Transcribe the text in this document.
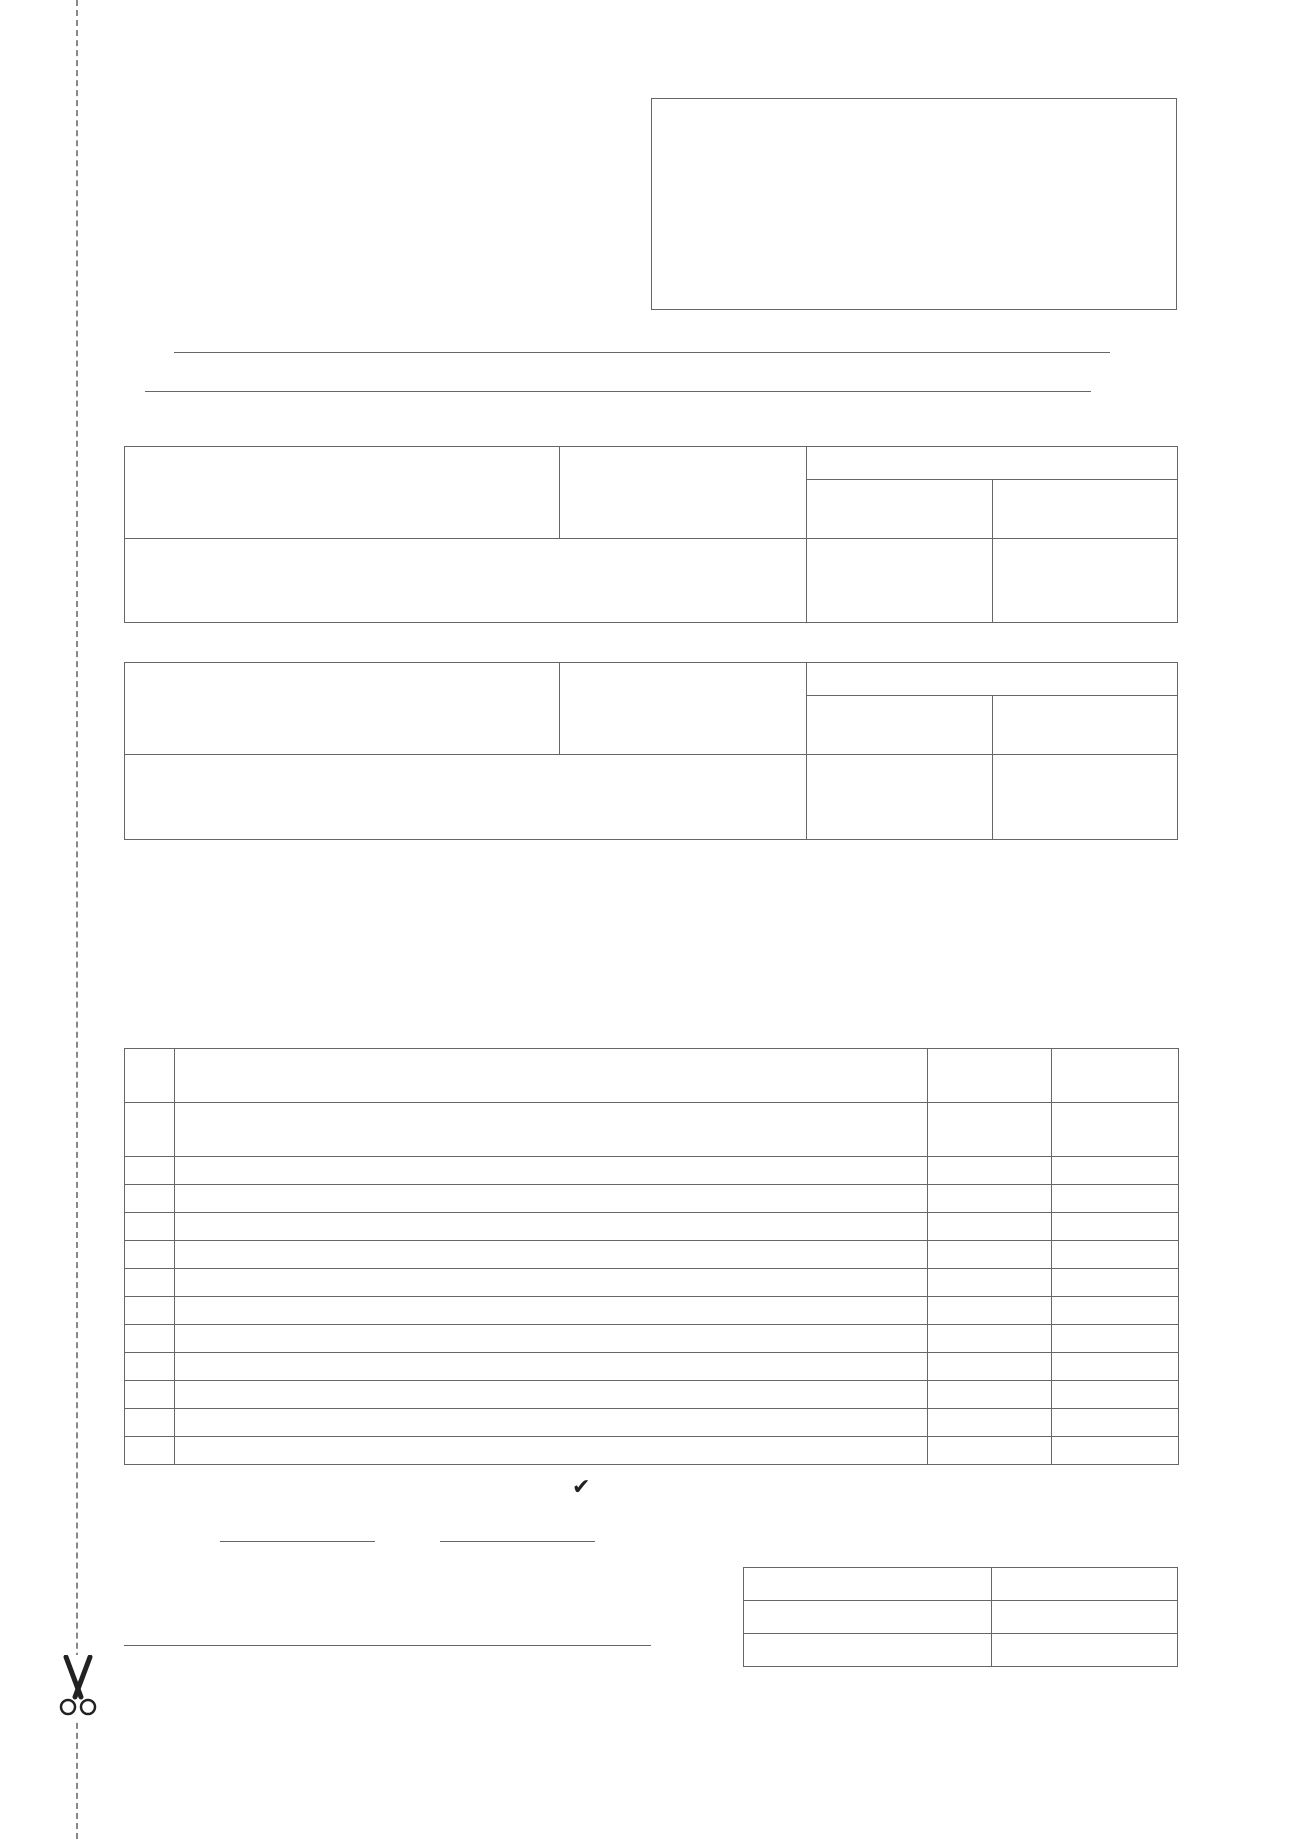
✔
